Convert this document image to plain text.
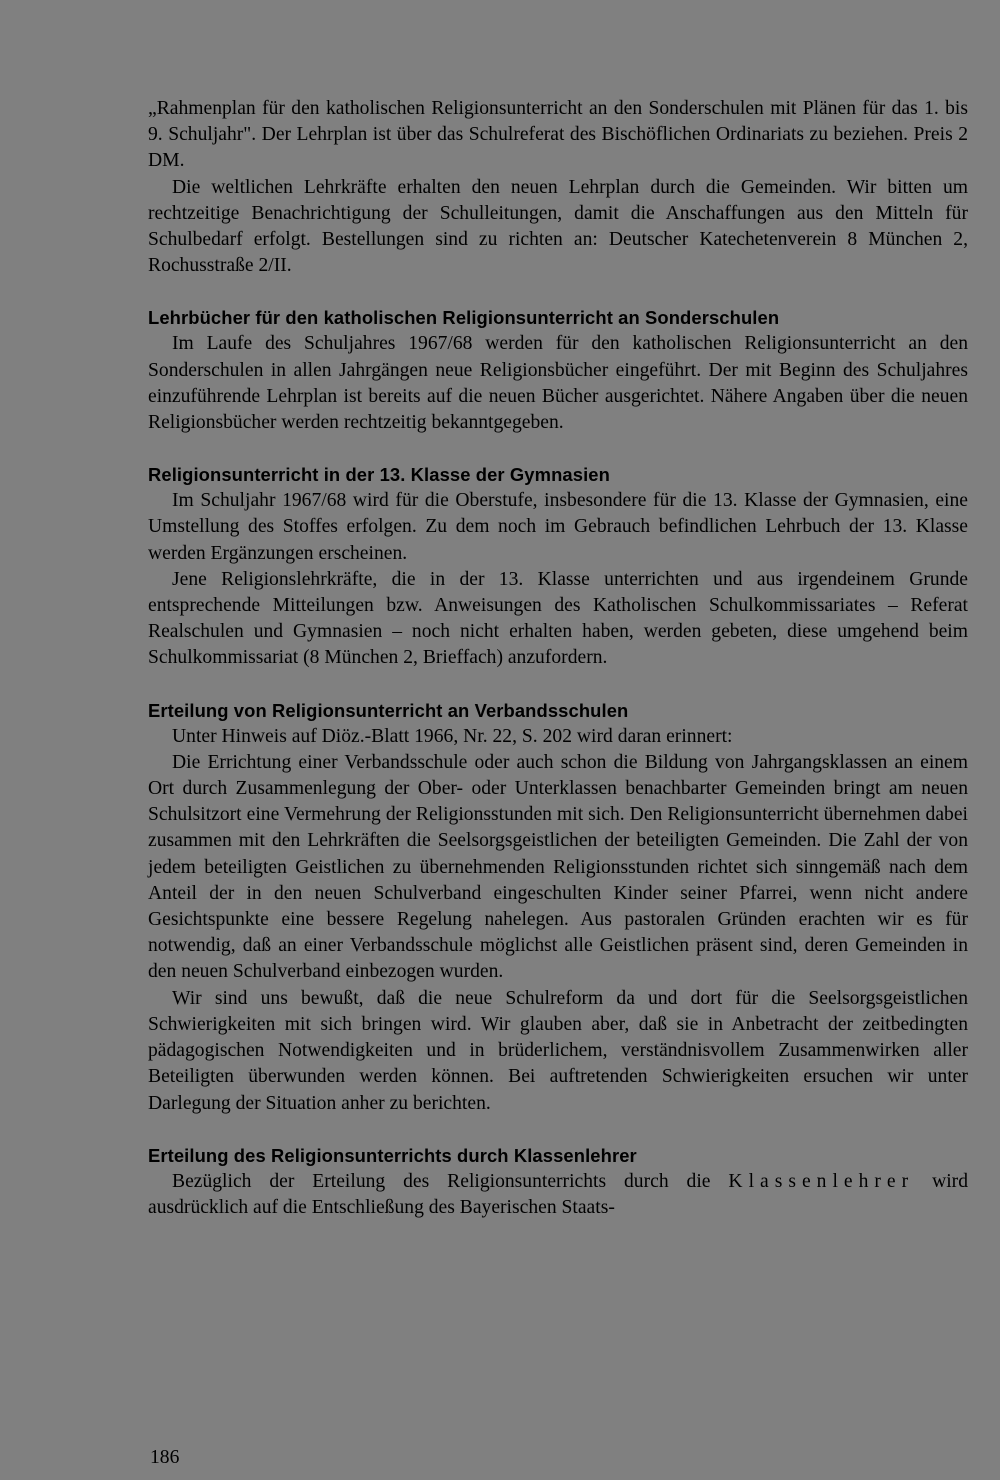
„Rahmenplan für den katholischen Religionsunterricht an den Sonderschulen mit Plänen für das 1. bis 9. Schuljahr". Der Lehrplan ist über das Schulreferat des Bischöflichen Ordinariats zu beziehen. Preis 2 DM.

Die weltlichen Lehrkräfte erhalten den neuen Lehrplan durch die Gemeinden. Wir bitten um rechtzeitige Benachrichtigung der Schulleitungen, damit die Anschaffungen aus den Mitteln für Schulbedarf erfolgt. Bestellungen sind zu richten an: Deutscher Katechetenverein 8 München 2, Rochusstraße 2/II.

Lehrbücher für den katholischen Religionsunterricht an Sonderschulen

Im Laufe des Schuljahres 1967/68 werden für den katholischen Religionsunterricht an den Sonderschulen in allen Jahrgängen neue Religionsbücher eingeführt. Der mit Beginn des Schuljahres einzuführende Lehrplan ist bereits auf die neuen Bücher ausgerichtet. Nähere Angaben über die neuen Religionsbücher werden rechtzeitig bekanntgegeben.

Religionsunterricht in der 13. Klasse der Gymnasien

Im Schuljahr 1967/68 wird für die Oberstufe, insbesondere für die 13. Klasse der Gymnasien, eine Umstellung des Stoffes erfolgen. Zu dem noch im Gebrauch befindlichen Lehrbuch der 13. Klasse werden Ergänzungen erscheinen.

Jene Religionslehrkräfte, die in der 13. Klasse unterrichten und aus irgendeinem Grunde entsprechende Mitteilungen bzw. Anweisungen des Katholischen Schulkommissariates – Referat Realschulen und Gymnasien – noch nicht erhalten haben, werden gebeten, diese umgehend beim Schulkommissariat (8 München 2, Brieffach) anzufordern.

Erteilung von Religionsunterricht an Verbandsschulen

Unter Hinweis auf Diöz.-Blatt 1966, Nr. 22, S. 202 wird daran erinnert:

Die Errichtung einer Verbandsschule oder auch schon die Bildung von Jahrgangsklassen an einem Ort durch Zusammenlegung der Ober- oder Unterklassen benachbarter Gemeinden bringt am neuen Schulsitzort eine Vermehrung der Religionsstunden mit sich. Den Religionsunterricht übernehmen dabei zusammen mit den Lehrkräften die Seelsorgsgeistlichen der beteiligten Gemeinden. Die Zahl der von jedem beteiligten Geistlichen zu übernehmenden Religionsstunden richtet sich sinngemäß nach dem Anteil der in den neuen Schulverband eingeschulten Kinder seiner Pfarrei, wenn nicht andere Gesichtspunkte eine bessere Regelung nahelegen. Aus pastoralen Gründen erachten wir es für notwendig, daß an einer Verbandsschule möglichst alle Geistlichen präsent sind, deren Gemeinden in den neuen Schulverband einbezogen wurden.

Wir sind uns bewußt, daß die neue Schulreform da und dort für die Seelsorgsgeistlichen Schwierigkeiten mit sich bringen wird. Wir glauben aber, daß sie in Anbetracht der zeitbedingten pädagogischen Notwendigkeiten und in brüderlichem, verständnisvollem Zusammenwirken aller Beteiligten überwunden werden können. Bei auftretenden Schwierigkeiten ersuchen wir unter Darlegung der Situation anher zu berichten.

Erteilung des Religionsunterrichts durch Klassenlehrer

Bezüglich der Erteilung des Religionsunterrichts durch die Klassenlehrer wird ausdrücklich auf die Entschließung des Bayerischen Staats-

186
